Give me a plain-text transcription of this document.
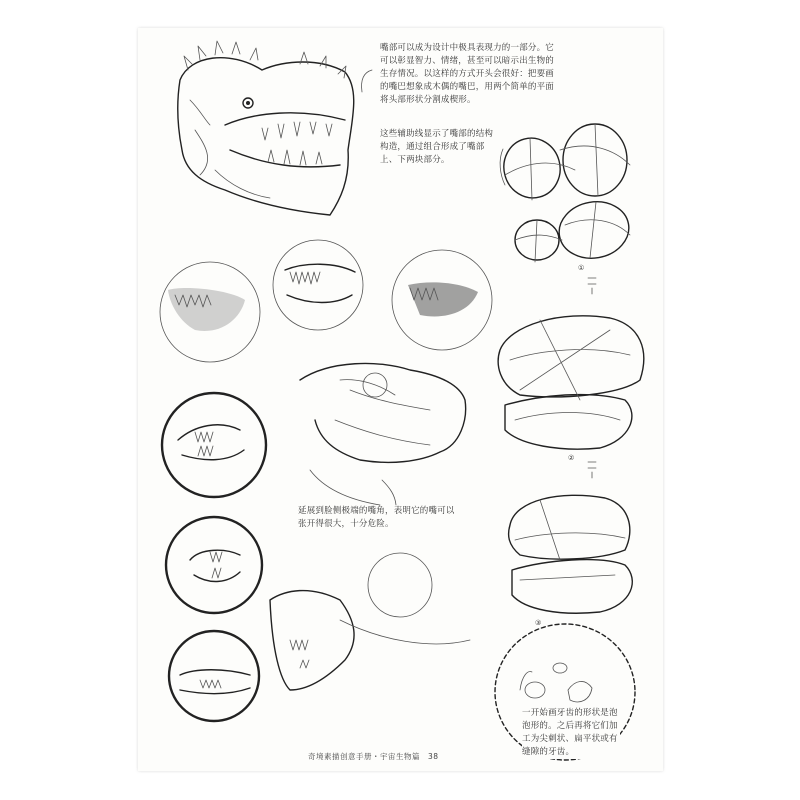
①
②
③
嘴部可以成为设计中极具表现力的一部分。它可以彰显智力、情绪，甚至可以暗示出生物的生存情况。以这样的方式开头会很好：把要画的嘴巴想象成木偶的嘴巴，用两个简单的平面将头部形状分割成楔形。
这些辅助线显示了嘴部的结构构造，通过组合形成了嘴部上、下两块部分。
延展到脸侧极端的嘴角，表明它的嘴可以张开得很大，十分危险。
一开始画牙齿的形状是泡泡形的。之后再将它们加工为尖刺状、扁平状或有缝隙的牙齿。
奇境素描创意手册・宇宙生物篇 38
